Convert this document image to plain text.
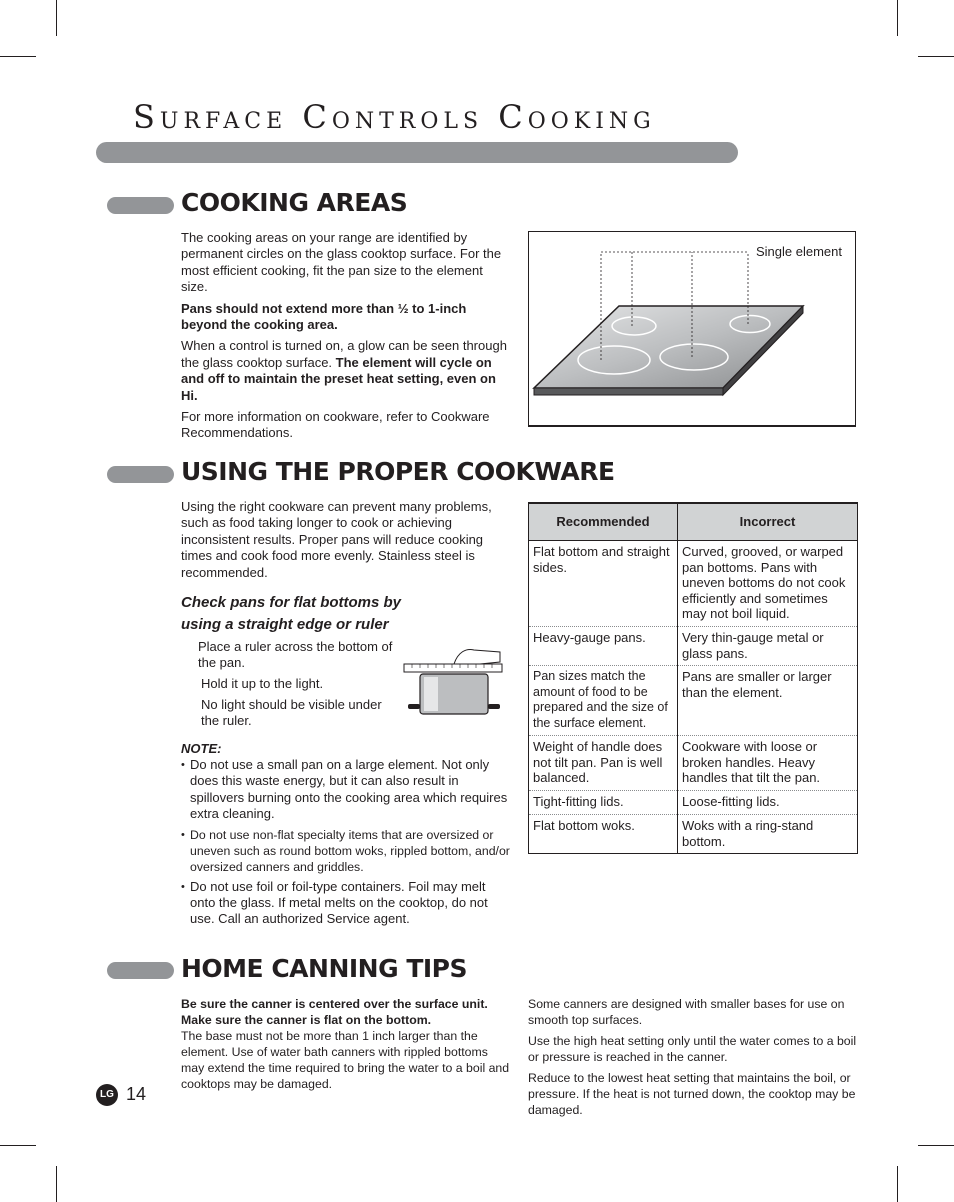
Surface Controls Cooking
COOKING AREAS

The cooking areas on your range are identified by permanent circles on the glass cooktop surface. For the most efficient cooking, fit the pan size to the element size.

Pans should not extend more than ½ to 1-inch beyond the cooking area.

When a control is turned on, a glow can be seen through the glass cooktop surface. The element will cycle on and off to maintain the preset heat setting, even on Hi.

For more information on cookware, refer to Cookware Recommendations.

Single element
USING THE PROPER COOKWARE

Using the right cookware can prevent many problems, such as food taking longer to cook or achieving inconsistent results. Proper pans will reduce cooking times and cook food more evenly. Stainless steel is recommended.

Check pans for flat bottoms by
using a straight edge or ruler

Place a ruler across the bottom of the pan.

Hold it up to the light.

No light should be visible under the ruler.

NOTE:
• Do not use a small pan on a large element. Not only does this waste energy, but it can also result in spillovers burning onto the cooking area which requires extra cleaning.
• Do not use non-flat specialty items that are oversized or uneven such as round bottom woks, rippled bottom, and/or oversized canners and griddles.
• Do not use foil or foil-type containers. Foil may melt onto the glass. If metal melts on the cooktop, do not use. Call an authorized Service agent.
Recommended	Incorrect
Flat bottom and straight sides.	Curved, grooved, or warped pan bottoms. Pans with uneven bottoms do not cook efficiently and sometimes may not boil liquid.
Heavy-gauge pans.	Very thin-gauge metal or glass pans.
Pan sizes match the amount of food to be prepared and the size of the surface element.	Pans are smaller or larger than the element.
Weight of handle does not tilt pan. Pan is well balanced.	Cookware with loose or broken handles. Heavy handles that tilt the pan.
Tight-fitting lids.	Loose-fitting lids.
Flat bottom woks.	Woks with a ring-stand bottom.
HOME CANNING TIPS
Be sure the canner is centered over the surface unit. Make sure the canner is flat on the bottom.
The base must not be more than 1 inch larger than the element. Use of water bath canners with rippled bottoms may extend the time required to bring the water to a boil and cooktops may be damaged.

Some canners are designed with smaller bases for use on smooth top surfaces.

Use the high heat setting only until the water comes to a boil or pressure is reached in the canner.

Reduce to the lowest heat setting that maintains the boil, or pressure. If the heat is not turned down, the cooktop may be damaged.

LG 14
